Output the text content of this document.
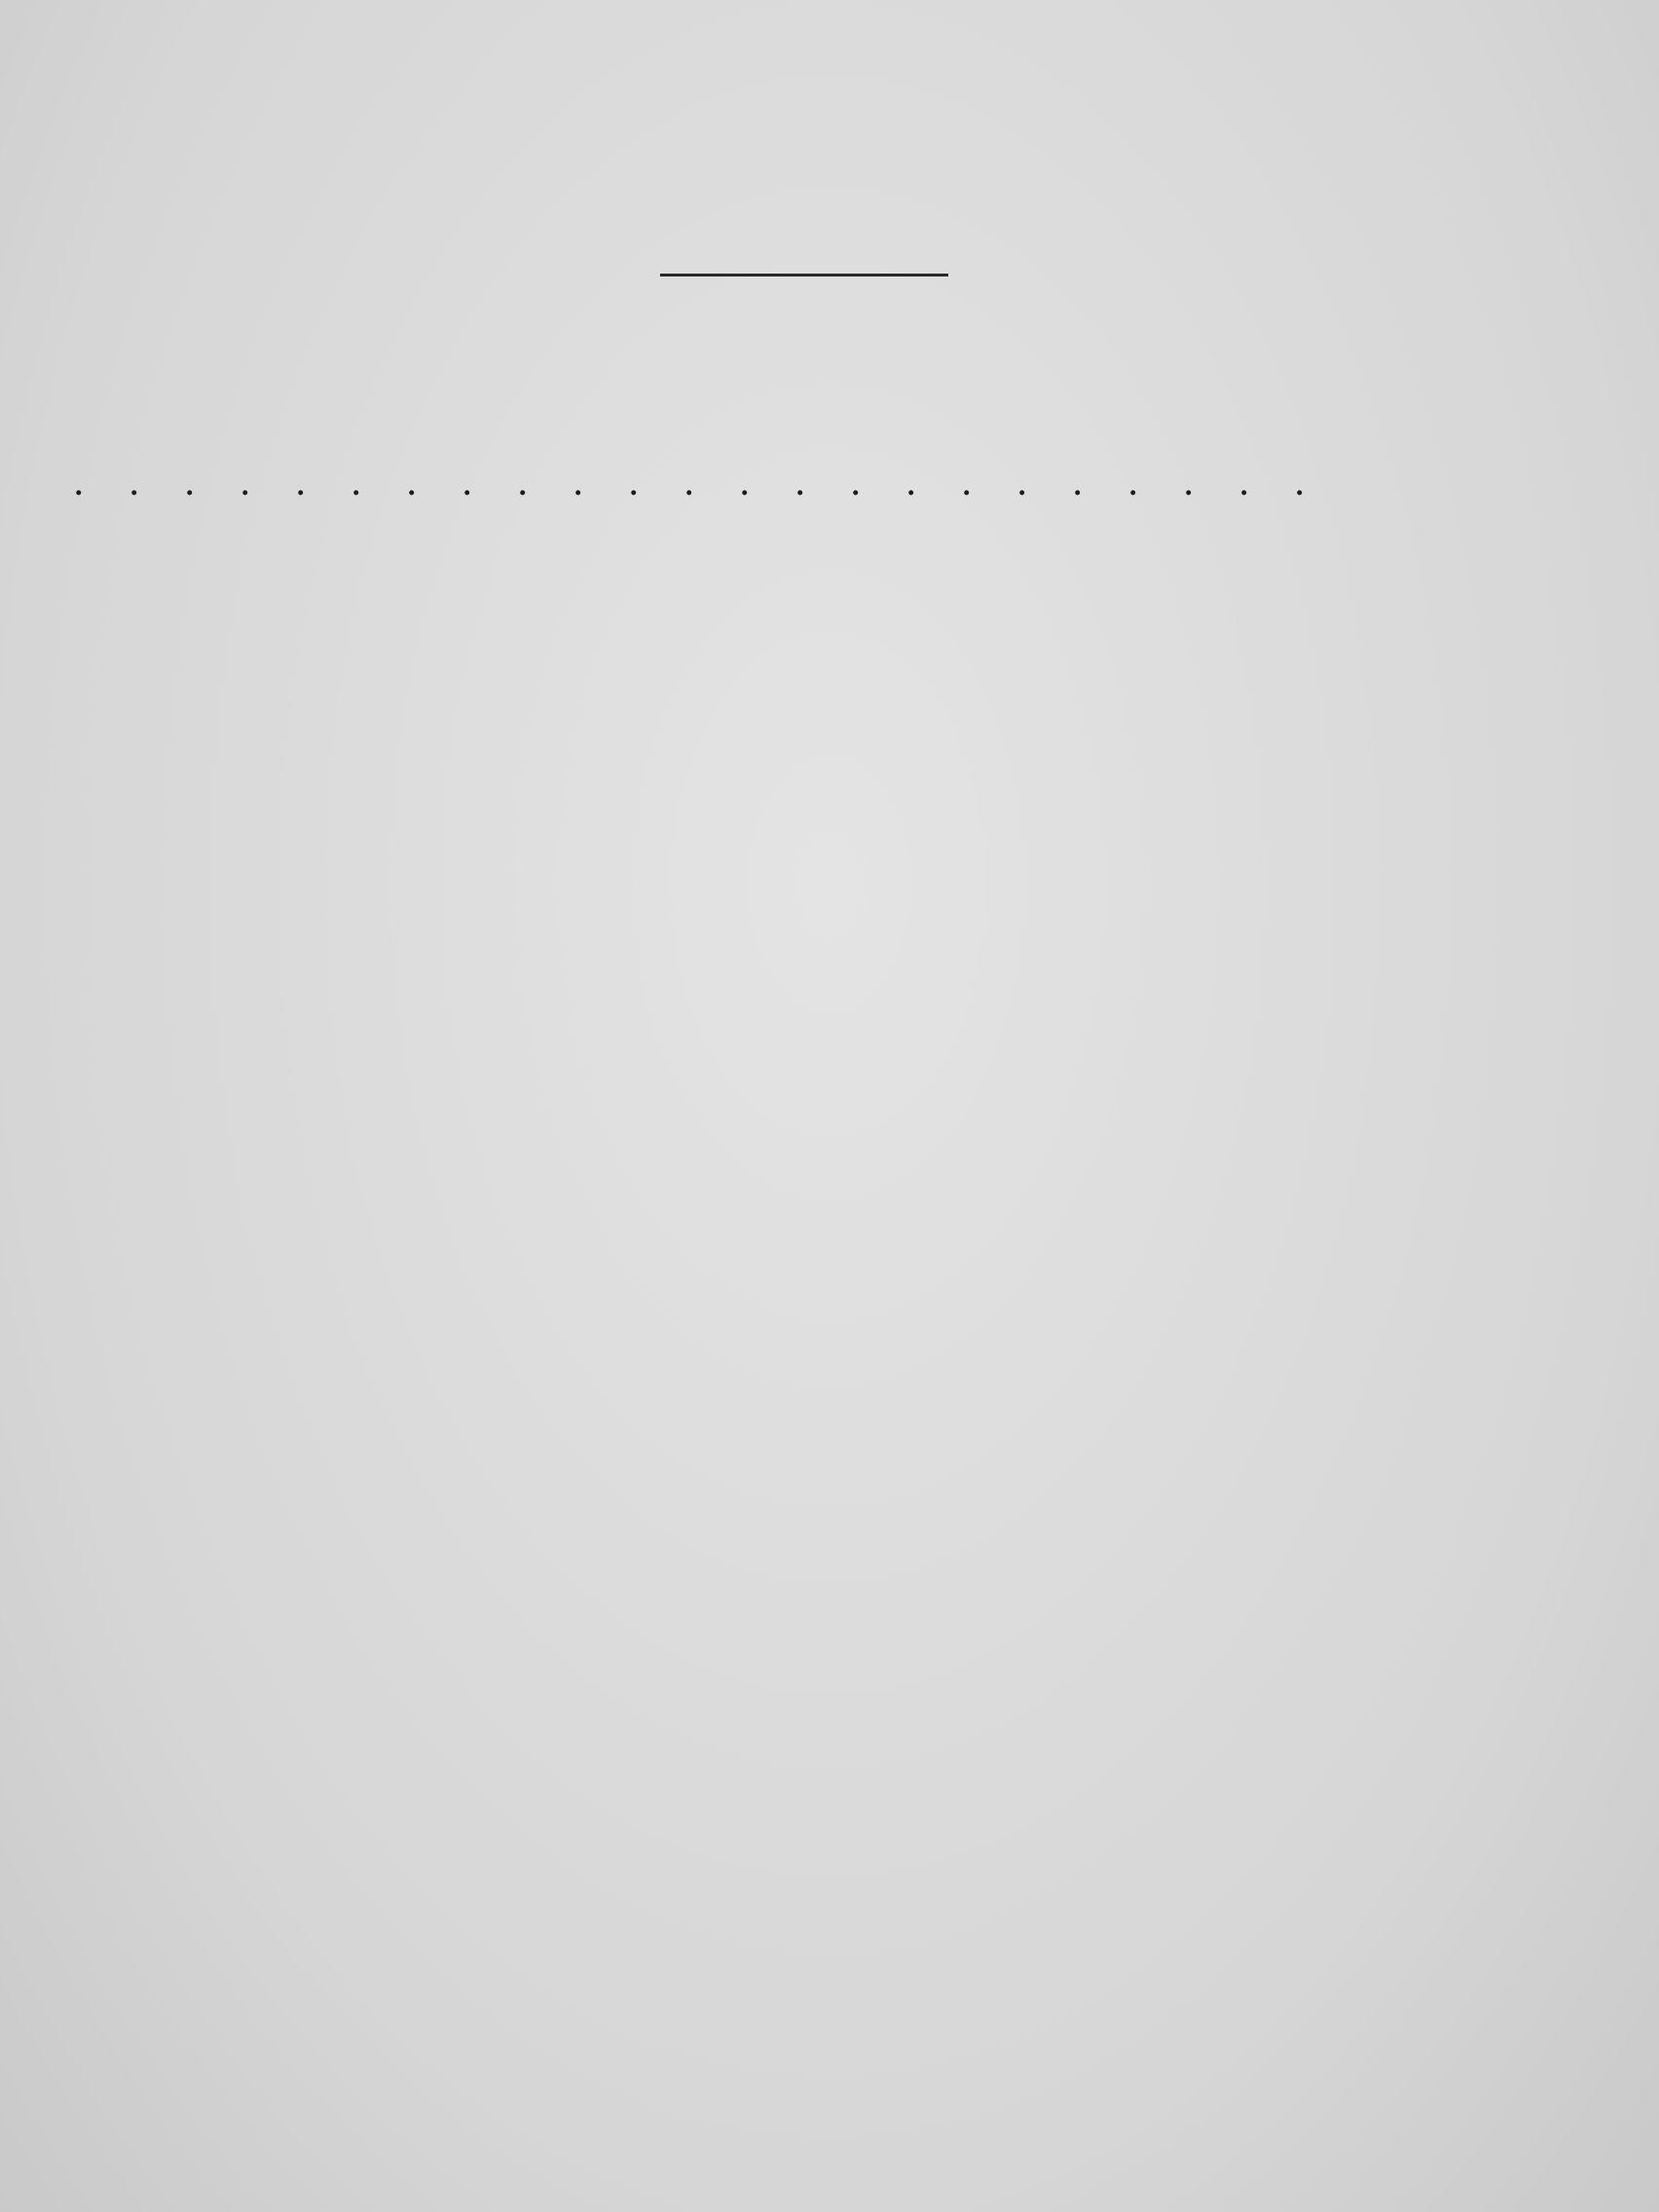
. . . . . . . . . . . . . . . . . . . . . . .
